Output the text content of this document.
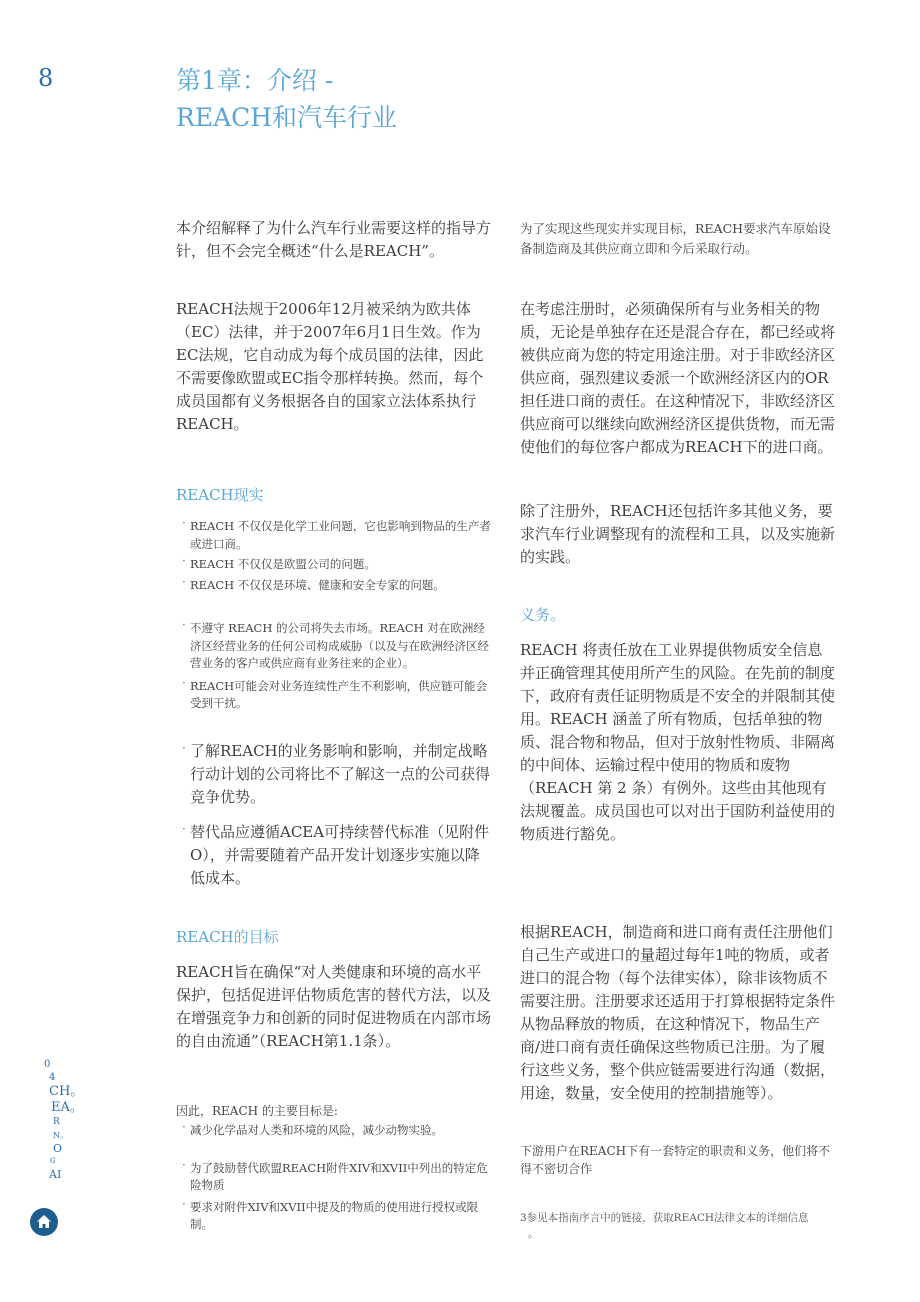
8	第1章：介绍 -
REACH和汽车行业

本介绍解释了为什么汽车行业需要这样的指导方针，但不会完全概述“什么是REACH”。

REACH法规于2006年12月被采纳为欧共体（EC）法律，并于2007年6月1日生效。作为EC法规，它自动成为每个成员国的法律，因此不需要像欧盟或EC指令那样转换。然而，每个成员国都有义务根据各自的国家立法体系执行REACH。

REACH现实

· REACH 不仅仅是化学工业问题，它也影响到物品的生产者或进口商。
· REACH 不仅仅是欧盟公司的问题。
· REACH 不仅仅是环境、健康和安全专家的问题。
· 不遵守 REACH 的公司将失去市场。REACH 对在欧洲经济区经营业务的任何公司构成威胁（以及与在欧洲经济区经营业务的客户或供应商有业务往来的企业）。
· REACH可能会对业务连续性产生不利影响，供应链可能会受到干扰。
· 了解REACH的业务影响和影响，并制定战略行动计划的公司将比不了解这一点的公司获得竞争优势。
· 替代品应遵循ACEA可持续替代标准（见附件O），并需要随着产品开发计划逐步实施以降低成本。

REACH的目标

REACH旨在确保“对人类健康和环境的高水平保护，包括促进评估物质危害的替代方法，以及在增强竞争力和创新的同时促进物质在内部市场的自由流通”（REACH第1.1条）。

因此，REACH 的主要目标是:

· 减少化学品对人类和环境的风险，减少动物实验。
· 为了鼓励替代欧盟REACH附件XIV和XVII中列出的特定危险物质
· 要求对附件XIV和XVII中提及的物质的使用进行授权或限制。

为了实现这些现实并实现目标，REACH要求汽车原始设备制造商及其供应商立即和今后采取行动。

在考虑注册时，必须确保所有与业务相关的物质，无论是单独存在还是混合存在，都已经或将被供应商为您的特定用途注册。对于非欧经济区供应商，强烈建议委派一个欧洲经济区内的OR担任进口商的责任。在这种情况下，非欧经济区供应商可以继续向欧洲经济区提供货物，而无需使他们的每位客户都成为REACH下的进口商。

除了注册外，REACH还包括许多其他义务，要求汽车行业调整现有的流程和工具，以及实施新的实践。

义务。

REACH 将责任放在工业界提供物质安全信息并正确管理其使用所产生的风险。在先前的制度下，政府有责任证明物质是不安全的并限制其使用。REACH 涵盖了所有物质，包括单独的物质、混合物和物品，但对于放射性物质、非隔离的中间体、运输过程中使用的物质和废物（REACH 第 2 条）有例外。这些由其他现有法规覆盖。成员国也可以对出于国防利益使用的物质进行豁免。

根据REACH，制造商和进口商有责任注册他们自己生产或进口的量超过每年1吨的物质，或者进口的混合物（每个法律实体），除非该物质不需要注册。注册要求还适用于打算根据特定条件从物品释放的物质，在这种情况下，物品生产商/进口商有责任确保这些物质已注册。为了履行这些义务，整个供应链需要进行沟通（数据，用途，数量，安全使用的控制措施等）。

下游用户在REACH下有一套特定的职责和义务，他们将不得不密切合作

3参见本指南序言中的链接，获取REACH法律文本的详细信息
。
0
4
CH。
EA。
R
N。
O
G
AI
